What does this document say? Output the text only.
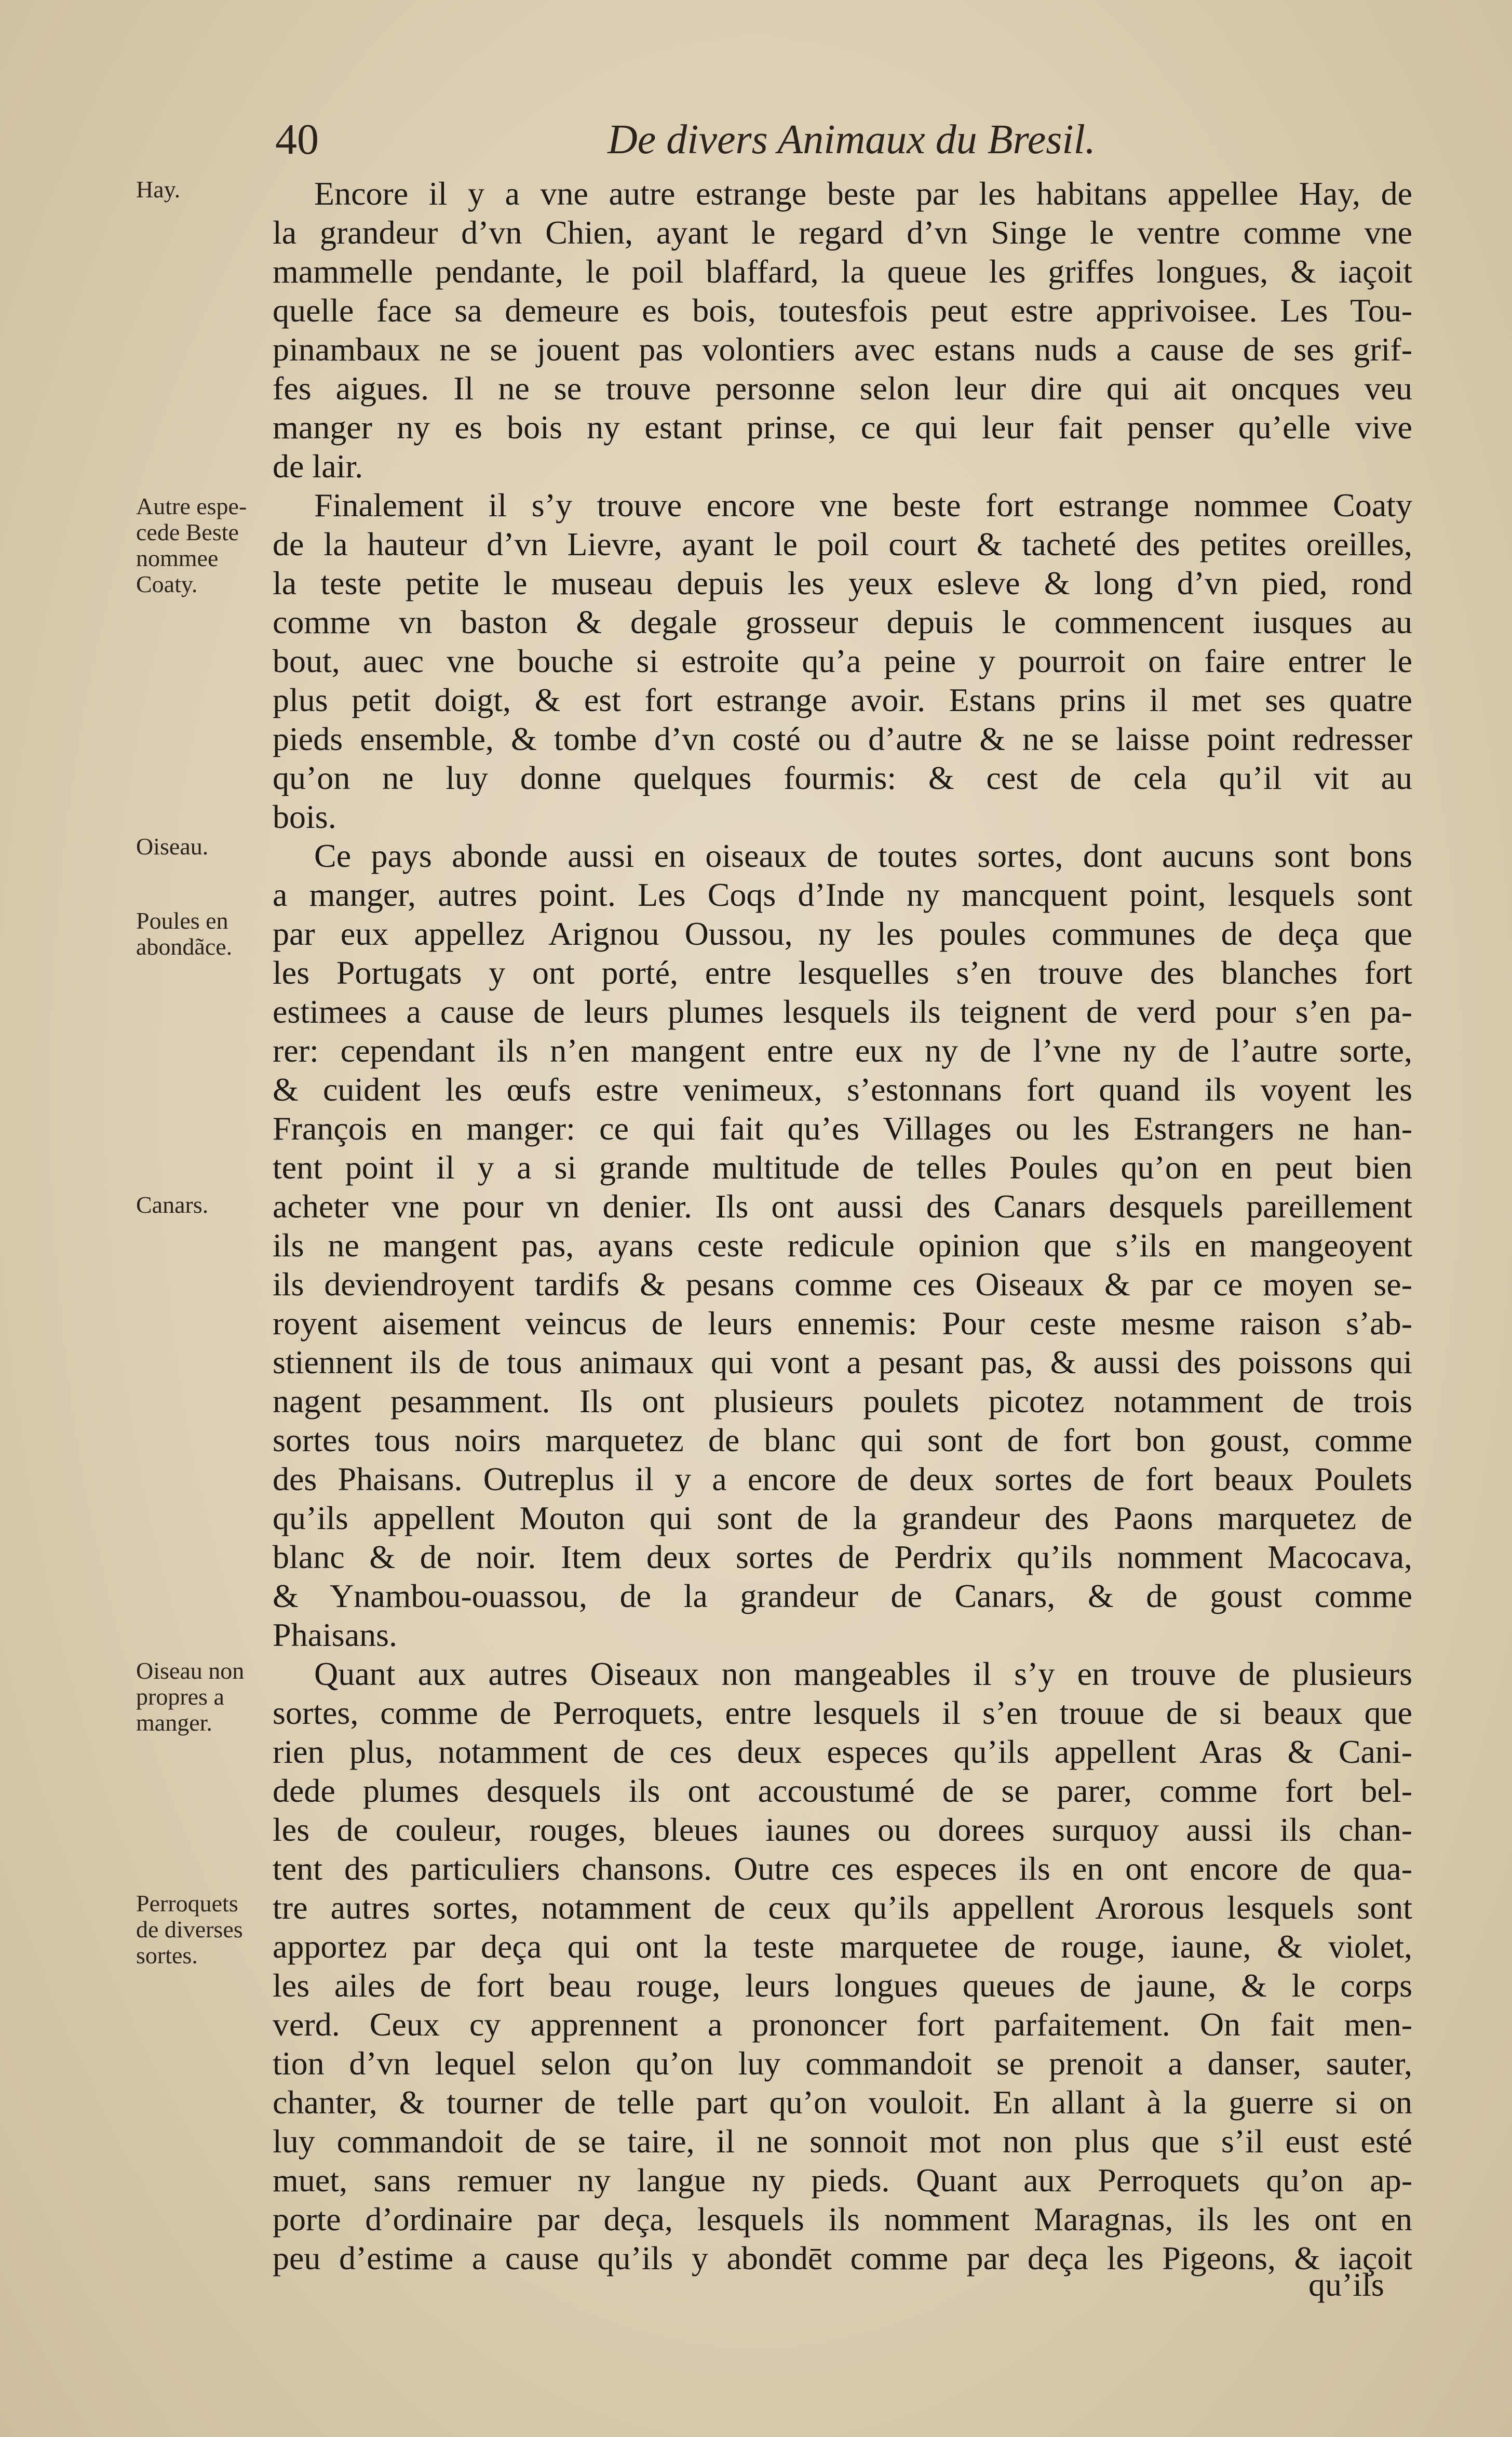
40	De divers Animaux du Bresil.
Hay.
Autre espe-
cede Beste
nommee
Coaty.
Oiseau.
Poules en
abondãce.
Canars.
Oiseau non
propres a
manger.
Perroquets
de diverses
sortes.
Encore il y a vne autre estrange beste par les habitans appellee Hay, de
la grandeur d’vn Chien, ayant le regard d’vn Singe le ventre comme vne
mammelle pendante, le poil blaffard, la queue les griffes longues, & iaçoit
quelle face sa demeure es bois, toutesfois peut estre apprivoisee. Les Tou-
pinambaux ne se jouent pas volontiers avec estans nuds a cause de ses grif-
fes aigues. Il ne se trouve personne selon leur dire qui ait oncques veu
manger ny es bois ny estant prinse, ce qui leur fait penser qu’elle vive
de lair.
Finalement il s’y trouve encore vne beste fort estrange nommee Coaty
de la hauteur d’vn Lievre, ayant le poil court & tacheté des petites oreilles,
la teste petite le museau depuis les yeux esleve & long d’vn pied, rond
comme vn baston & degale grosseur depuis le commencent iusques au
bout, auec vne bouche si estroite qu’a peine y pourroit on faire entrer le
plus petit doigt, & est fort estrange avoir. Estans prins il met ses quatre
pieds ensemble, & tombe d’vn costé ou d’autre & ne se laisse point redresser
qu’on ne luy donne quelques fourmis: & cest de cela qu’il vit au
bois.
Ce pays abonde aussi en oiseaux de toutes sortes, dont aucuns sont bons
a manger, autres point. Les Coqs d’Inde ny mancquent point, lesquels sont
par eux appellez Arignou Oussou, ny les poules communes de deça que
les Portugats y ont porté, entre lesquelles s’en trouve des blanches fort
estimees a cause de leurs plumes lesquels ils teignent de verd pour s’en pa-
rer: cependant ils n’en mangent entre eux ny de l’vne ny de l’autre sorte,
& cuident les œufs estre venimeux, s’estonnans fort quand ils voyent les
François en manger: ce qui fait qu’es Villages ou les Estrangers ne han-
tent point il y a si grande multitude de telles Poules qu’on en peut bien
acheter vne pour vn denier. Ils ont aussi des Canars desquels pareillement
ils ne mangent pas, ayans ceste redicule opinion que s’ils en mangeoyent
ils deviendroyent tardifs & pesans comme ces Oiseaux & par ce moyen se-
royent aisement veincus de leurs ennemis: Pour ceste mesme raison s’ab-
stiennent ils de tous animaux qui vont a pesant pas, & aussi des poissons qui
nagent pesamment. Ils ont plusieurs poulets picotez notamment de trois
sortes tous noirs marquetez de blanc qui sont de fort bon goust, comme
des Phaisans. Outreplus il y a encore de deux sortes de fort beaux Poulets
qu’ils appellent Mouton qui sont de la grandeur des Paons marquetez de
blanc & de noir. Item deux sortes de Perdrix qu’ils nomment Macocava,
& Ynambou-ouassou, de la grandeur de Canars, & de goust comme
Phaisans.
Quant aux autres Oiseaux non mangeables il s’y en trouve de plusieurs
sortes, comme de Perroquets, entre lesquels il s’en trouue de si beaux que
rien plus, notamment de ces deux especes qu’ils appellent Aras & Cani-
dede plumes desquels ils ont accoustumé de se parer, comme fort bel-
les de couleur, rouges, bleues iaunes ou dorees surquoy aussi ils chan-
tent des particuliers chansons. Outre ces especes ils en ont encore de qua-
tre autres sortes, notamment de ceux qu’ils appellent Arorous lesquels sont
apportez par deça qui ont la teste marquetee de rouge, iaune, & violet,
les ailes de fort beau rouge, leurs longues queues de jaune, & le corps
verd. Ceux cy apprennent a prononcer fort parfaitement. On fait men-
tion d’vn lequel selon qu’on luy commandoit se prenoit a danser, sauter,
chanter, & tourner de telle part qu’on vouloit. En allant à la guerre si on
luy commandoit de se taire, il ne sonnoit mot non plus que s’il eust esté
muet, sans remuer ny langue ny pieds. Quant aux Perroquets qu’on ap-
porte d’ordinaire par deça, lesquels ils nomment Maragnas, ils les ont en
peu d’estime a cause qu’ils y abondēt comme par deça les Pigeons, & iaçoit
qu’ils
